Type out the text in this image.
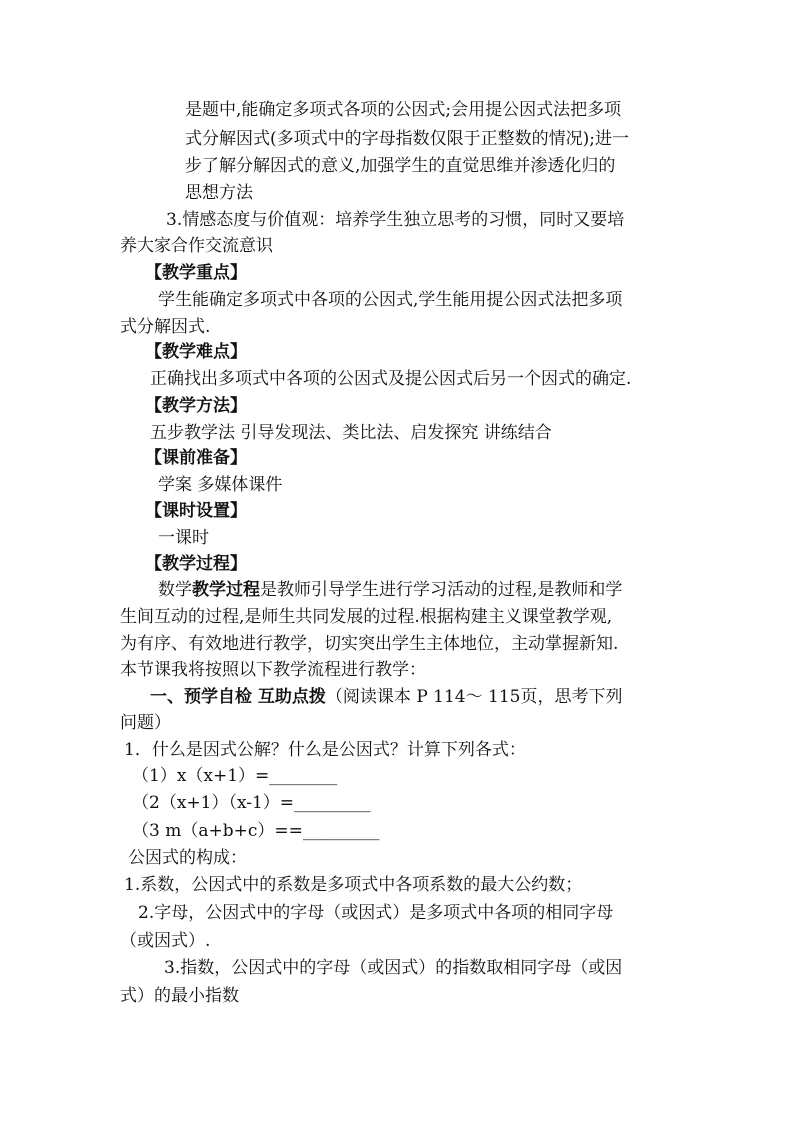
是题中,能确定多项式各项的公因式;会用提公因式法把多项
式分解因式(多项式中的字母指数仅限于正整数的情况);进一
步了解分解因式的意义,加强学生的直觉思维并渗透化归的
思想方法
3.情感态度与价值观：培养学生独立思考的习惯，同时又要培
养大家合作交流意识
【教学重点】
学生能确定多项式中各项的公因式,学生能用提公因式法把多项
式分解因式.
【教学难点】
正确找出多项式中各项的公因式及提公因式后另一个因式的确定.
【教学方法】
五步教学法 引导发现法、类比法、启发探究 讲练结合
【课前准备】
学案 多媒体课件
【课时设置】
一课时
【教学过程】
数学教学过程是教师引导学生进行学习活动的过程,是教师和学
生间互动的过程,是师生共同发展的过程.根据构建主义课堂教学观,
为有序、有效地进行教学，切实突出学生主体地位，主动掌握新知.
本节课我将按照以下教学流程进行教学：
一、预学自检 互助点拨（阅读课本 P 114～ 115页，思考下列
问题）
1．什么是因式公解？什么是公因式？计算下列各式：
（1）x（x+1）=________
（2（x+1）（x-1）=_________
（3 m（a+b+c）==_________
公因式的构成：
1.系数，公因式中的系数是多项式中各项系数的最大公约数；
2.字母，公因式中的字母（或因式）是多项式中各项的相同字母
（或因式）.
3.指数，公因式中的字母（或因式）的指数取相同字母（或因
式）的最小指数
